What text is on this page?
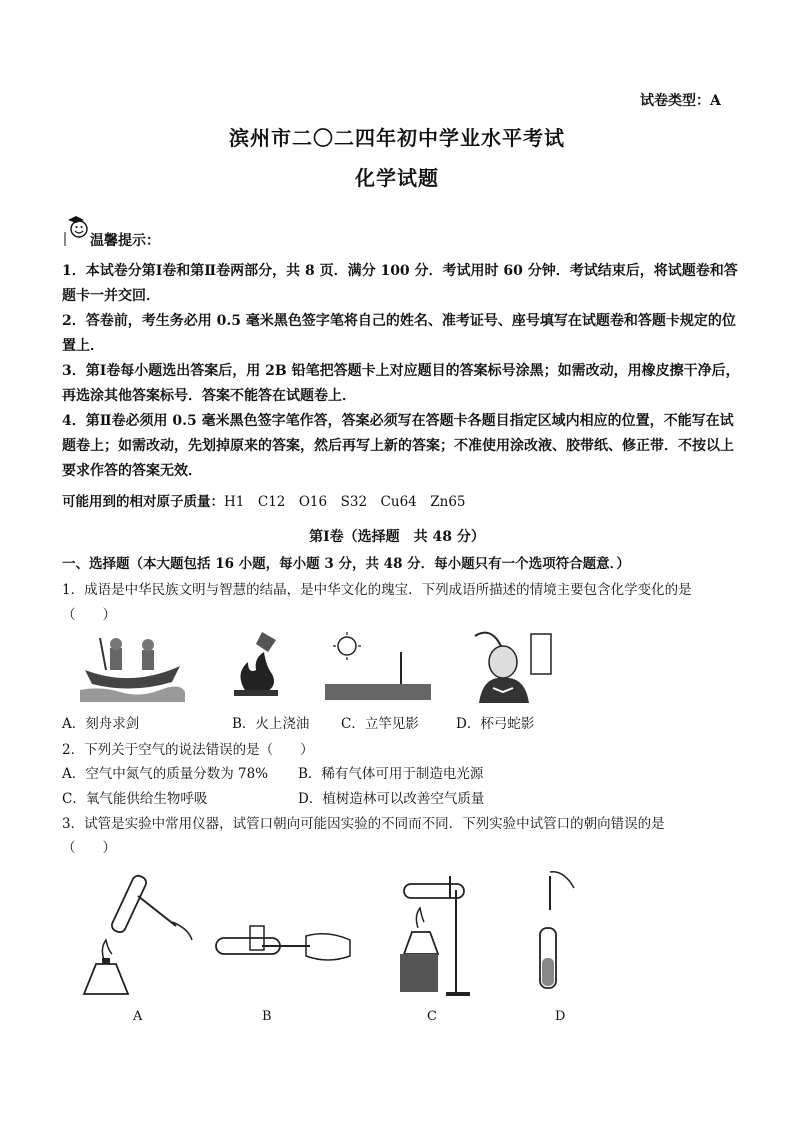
试卷类型：A
滨州市二〇二四年初中学业水平考试
化学试题
温馨提示：
1．本试卷分第Ⅰ卷和第Ⅱ卷两部分，共 8 页．满分 100 分．考试用时 60 分钟．考试结束后，将试题卷和答题卡一并交回．
2．答卷前，考生务必用 0.5 毫米黑色签字笔将自己的姓名、准考证号、座号填写在试题卷和答题卡规定的位置上．
3．第Ⅰ卷每小题选出答案后，用 2B 铅笔把答题卡上对应题目的答案标号涂黑；如需改动，用橡皮擦干净后，再选涂其他答案标号．答案不能答在试题卷上．
4．第Ⅱ卷必须用 0.5 毫米黑色签字笔作答，答案必须写在答题卡各题目指定区域内相应的位置，不能写在试题卷上；如需改动，先划掉原来的答案，然后再写上新的答案；不准使用涂改液、胶带纸、修正带．不按以上要求作答的答案无效．
可能用到的相对原子质量：H1　C12　O16　S32　Cu64　Zn65
第Ⅰ卷（选择题　共 48 分）
一、选择题（本大题包括 16 小题，每小题 3 分，共 48 分．每小题只有一个选项符合题意．）
1．成语是中华民族文明与智慧的结晶，是中华文化的瑰宝．下列成语所描述的情境主要包含化学变化的是
（　　）
A．刻舟求剑	B．火上浇油 C．立竿见影	D．杯弓蛇影
2．下列关于空气的说法错误的是（　　）
A．空气中氮气的质量分数为 78% B．稀有气体可用于制造电光源
C．氧气能供给生物呼吸	D．植树造林可以改善空气质量
3．试管是实验中常用仪器，试管口朝向可能因实验的不同而不同．下列实验中试管口的朝向错误的是
（　　）
A	B	C	D
